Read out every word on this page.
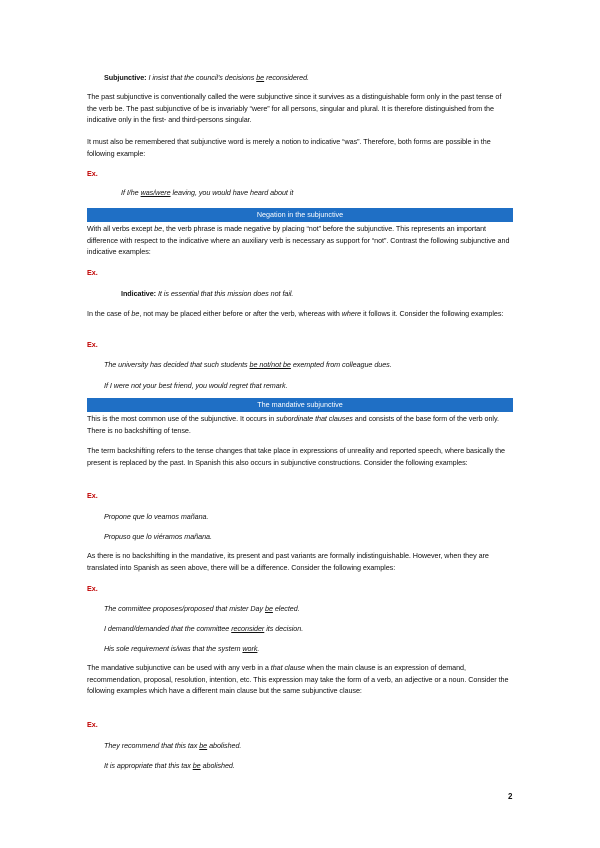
Subjunctive: I insist that the council's decisions be reconsidered.

The past subjunctive is conventionally called the were subjunctive since it survives as a distinguishable form only in the past tense of the verb be. The past subjunctive of be is invariably “were” for all persons, singular and plural. It is therefore distinguished from the indicative only in the first- and third-persons singular.

It must also be remembered that subjunctive word is merely a notion to indicative “was”. Therefore, both forms are possible in the following example:

Ex.
If I/he was/were leaving, you would have heard about it
Negation in the subjunctive

With all verbs except be, the verb phrase is made negative by placing “not” before the subjunctive. This represents an important difference with respect to the indicative where an auxiliary verb is necessary as support for “not”. Contrast the following subjunctive and indicative examples:

Ex.
Indicative: It is essential that this mission does not fail.

In the case of be, not may be placed either before or after the verb, whereas with where it follows it. Consider the following examples:

Ex.
The university has decided that such students be not/not be exempted from colleague dues.
If I were not your best friend, you would regret that remark.
The mandative subjunctive

This is the most common use of the subjunctive. It occurs in subordinate that clauses and consists of the base form of the verb only. There is no backshifting of tense.

The term backshifting refers to the tense changes that take place in expressions of unreality and reported speech, where basically the present is replaced by the past. In Spanish this also occurs in subjunctive constructions. Consider the following examples:

Ex.
Propone que lo veamos mañana.
Propuso que lo viéramos mañana.

As there is no backshifting in the mandative, its present and past variants are formally indistinguishable. However, when they are translated into Spanish as seen above, there will be a difference. Consider the following examples:

Ex.
The committee proposes/proposed that mister Day be elected.
I demand/demanded that the committee reconsider its decision.
His sole requirement is/was that the system work.

The mandative subjunctive can be used with any verb in a that clause when the main clause is an expression of demand, recommendation, proposal, resolution, intention, etc. This expression may take the form of a verb, an adjective or a noun. Consider the following examples which have a different main clause but the same subjunctive clause:

Ex.
They recommend that this tax be abolished.
It is appropriate that this tax be abolished.
2
